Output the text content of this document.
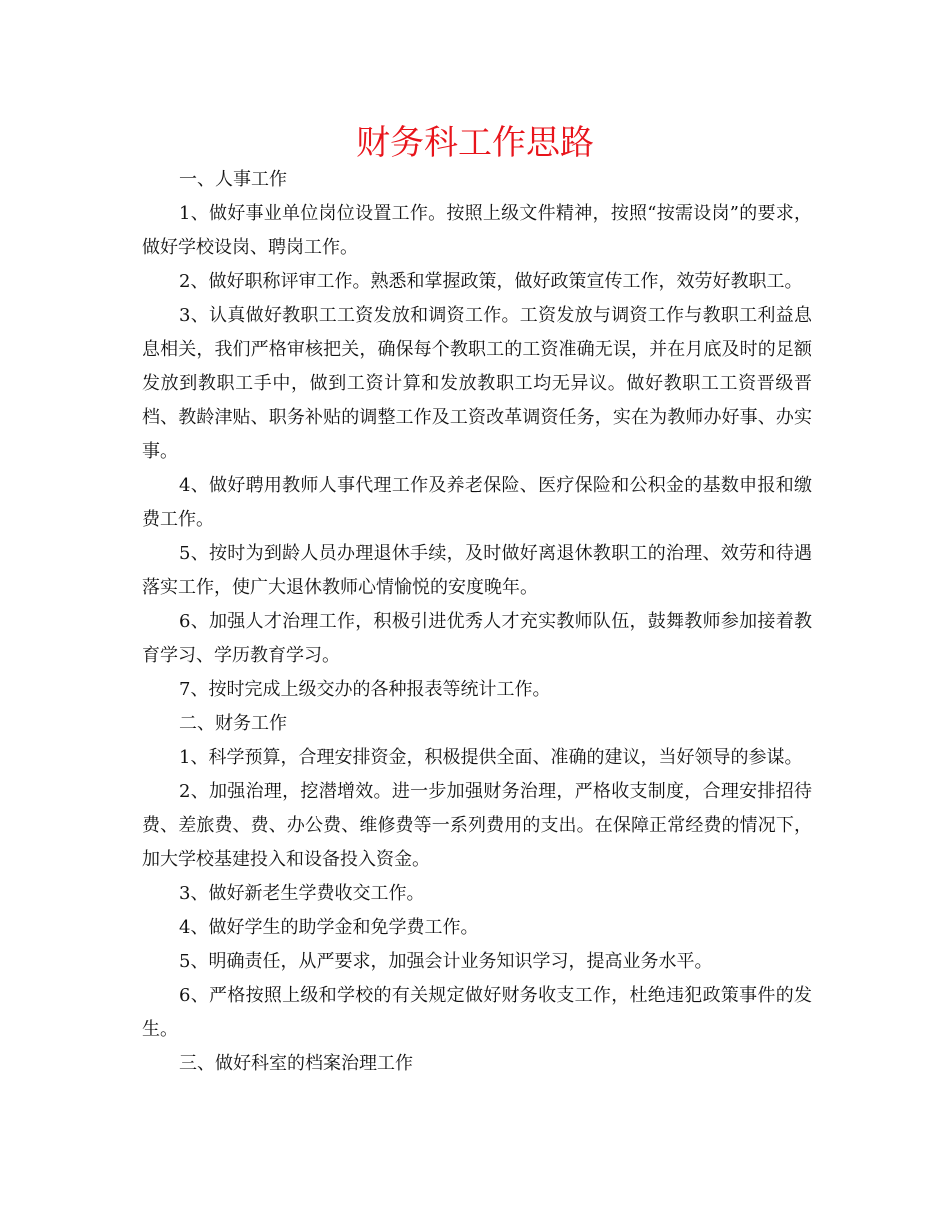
财务科工作思路

一、人事工作

1、做好事业单位岗位设置工作。按照上级文件精神，按照“按需设岗”的要求，做好学校设岗、聘岗工作。

2、做好职称评审工作。熟悉和掌握政策，做好政策宣传工作，效劳好教职工。

3、认真做好教职工工资发放和调资工作。工资发放与调资工作与教职工利益息息相关，我们严格审核把关，确保每个教职工的工资准确无误，并在月底及时的足额发放到教职工手中，做到工资计算和发放教职工均无异议。做好教职工工资晋级晋档、教龄津贴、职务补贴的调整工作及工资改革调资任务，实在为教师办好事、办实事。

4、做好聘用教师人事代理工作及养老保险、医疗保险和公积金的基数申报和缴费工作。

5、按时为到龄人员办理退休手续，及时做好离退休教职工的治理、效劳和待遇落实工作，使广大退休教师心情愉悦的安度晚年。

6、加强人才治理工作，积极引进优秀人才充实教师队伍，鼓舞教师参加接着教育学习、学历教育学习。

7、按时完成上级交办的各种报表等统计工作。

二、财务工作

1、科学预算，合理安排资金，积极提供全面、准确的建议，当好领导的参谋。

2、加强治理，挖潜增效。进一步加强财务治理，严格收支制度，合理安排招待费、差旅费、费、办公费、维修费等一系列费用的支出。在保障正常经费的情况下，加大学校基建投入和设备投入资金。

3、做好新老生学费收交工作。

4、做好学生的助学金和免学费工作。

5、明确责任，从严要求，加强会计业务知识学习，提高业务水平。

6、严格按照上级和学校的有关规定做好财务收支工作，杜绝违犯政策事件的发生。

三、做好科室的档案治理工作
